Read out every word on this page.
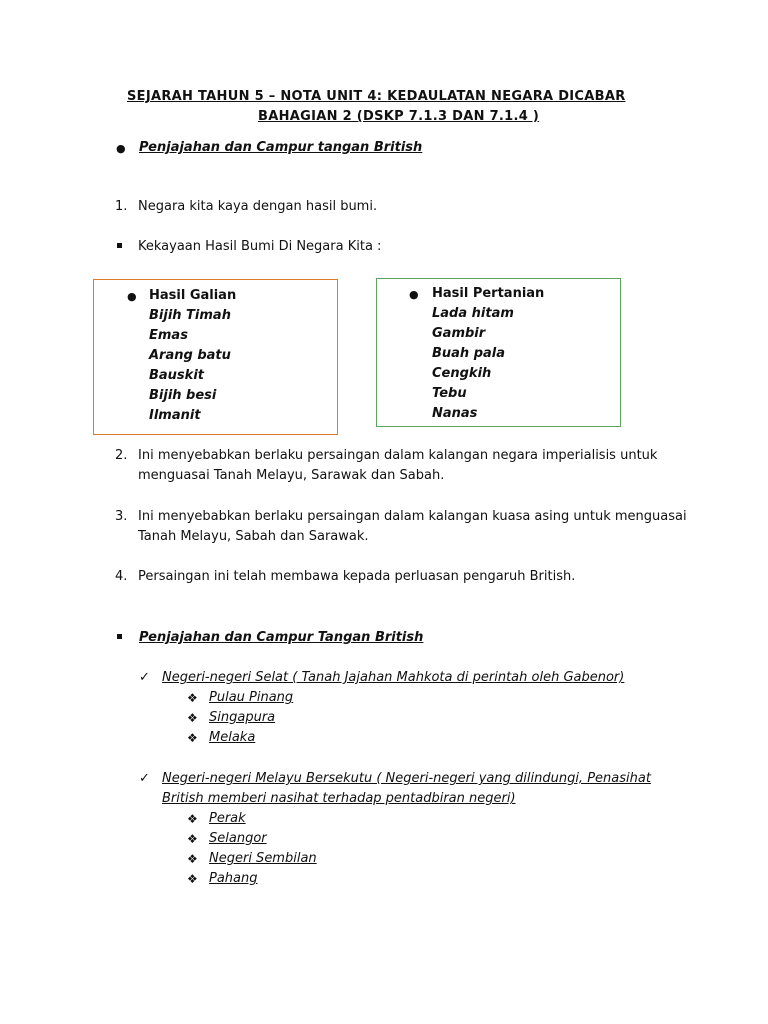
SEJARAH TAHUN 5 – NOTA UNIT 4: KEDAULATAN NEGARA DICABAR
BAHAGIAN 2 (DSKP 7.1.3 DAN 7.1.4 )
● Penjajahan dan Campur tangan British
1. Negara kita kaya dengan hasil bumi.
Kekayaan Hasil Bumi Di Negara Kita :
● Hasil Galian
Bijih Timah
Emas
Arang batu
Bauskit
Bijih besi
Ilmanit
● Hasil Pertanian
Lada hitam
Gambir
Buah pala
Cengkih
Tebu
Nanas
2. Ini menyebabkan berlaku persaingan dalam kalangan negara imperialisis untuk
menguasai Tanah Melayu, Sarawak dan Sabah.
3. Ini menyebabkan berlaku persaingan dalam kalangan kuasa asing untuk menguasai
Tanah Melayu, Sabah dan Sarawak.
4. Persaingan ini telah membawa kepada perluasan pengaruh British.
Penjajahan dan Campur Tangan British
✓ Negeri-negeri Selat ( Tanah Jajahan Mahkota di perintah oleh Gabenor)
❖ Pulau Pinang
❖ Singapura
❖ Melaka
✓ Negeri-negeri Melayu Bersekutu ( Negeri-negeri yang dilindungi, Penasihat
British memberi nasihat terhadap pentadbiran negeri)
❖ Perak
❖ Selangor
❖ Negeri Sembilan
❖ Pahang
